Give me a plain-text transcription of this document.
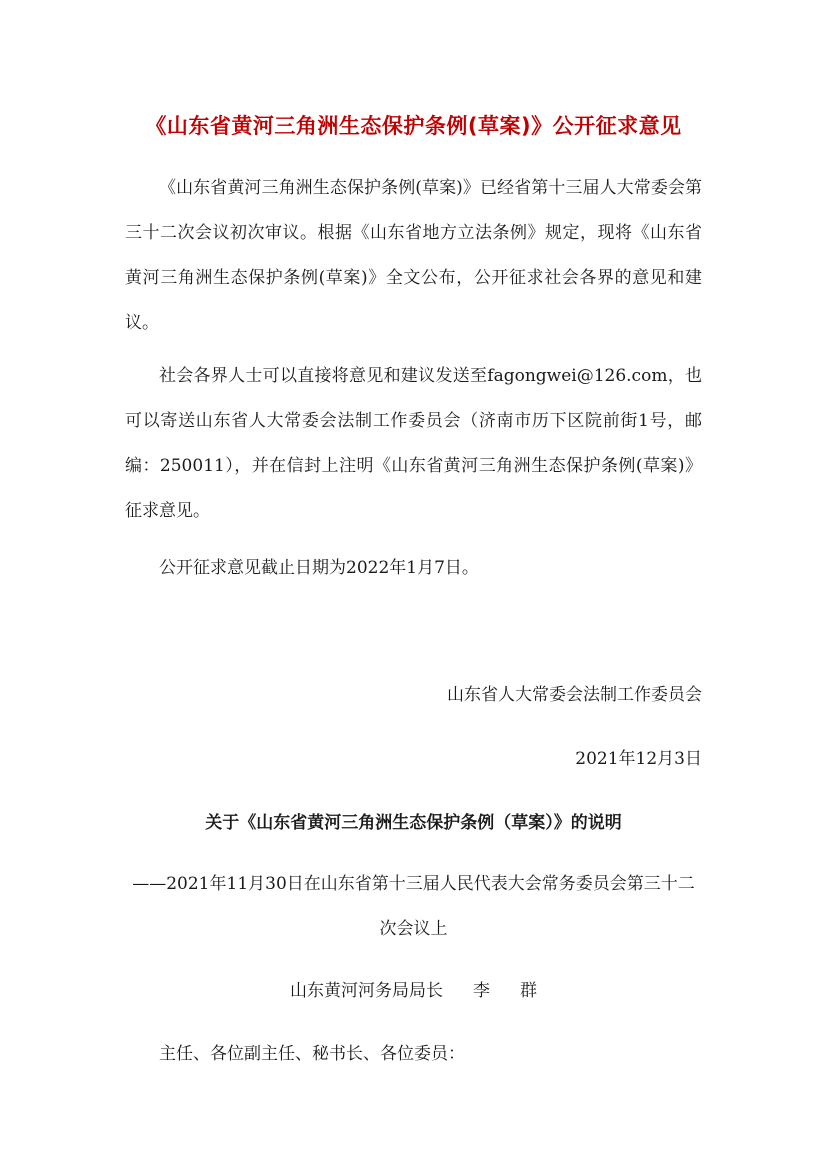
《山东省黄河三角洲生态保护条例(草案)》公开征求意见

《山东省黄河三角洲生态保护条例(草案)》已经省第十三届人大常委会第三十二次会议初次审议。根据《山东省地方立法条例》规定，现将《山东省黄河三角洲生态保护条例(草案)》全文公布，公开征求社会各界的意见和建议。

社会各界人士可以直接将意见和建议发送至fagongwei@126.com，也可以寄送山东省人大常委会法制工作委员会（济南市历下区院前街1号，邮编：250011），并在信封上注明《山东省黄河三角洲生态保护条例(草案)》征求意见。

公开征求意见截止日期为2022年1月7日。

山东省人大常委会法制工作委员会
2021年12月3日
关于《山东省黄河三角洲生态保护条例（草案）》的说明
——2021年11月30日在山东省第十三届人民代表大会常务委员会第三十二次会议上
山东黄河河务局局长 李 群

主任、各位副主任、秘书长、各位委员：
